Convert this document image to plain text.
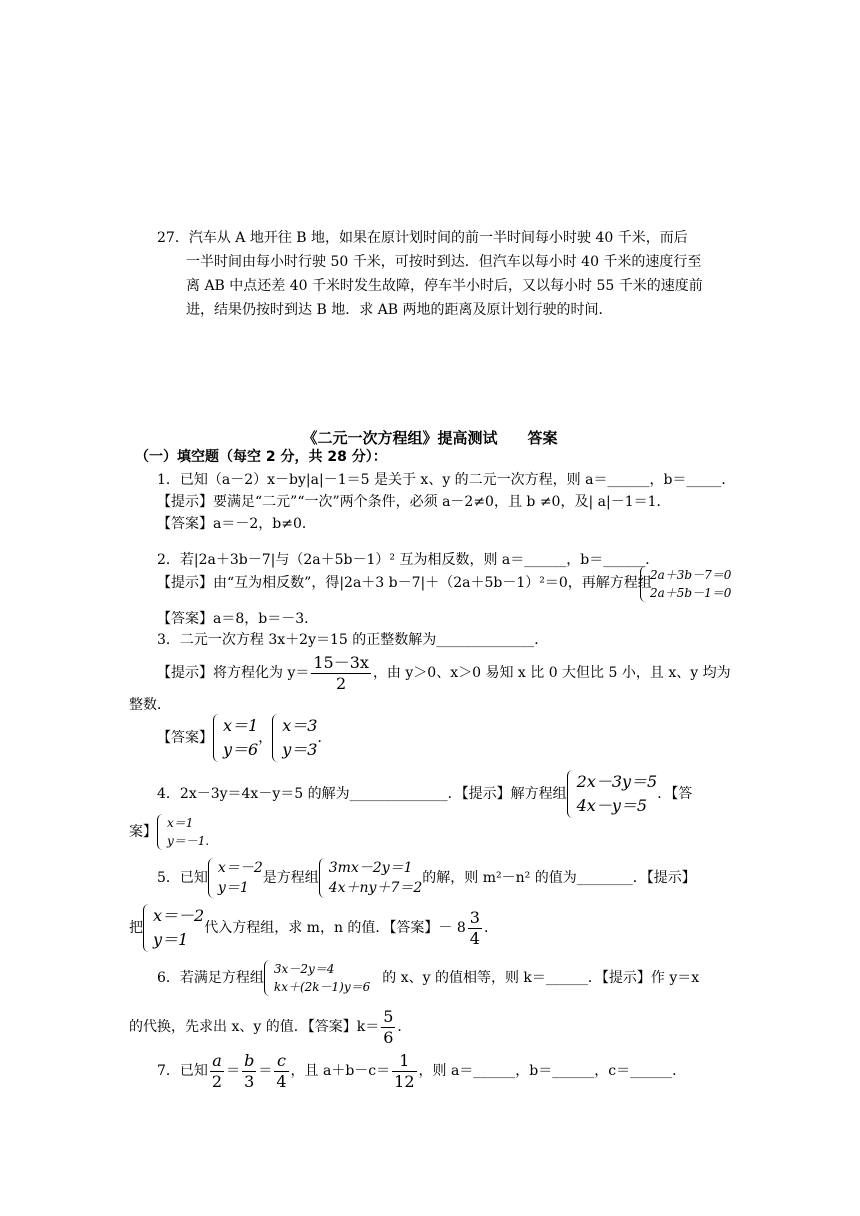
27．汽车从 A 地开往 B 地，如果在原计划时间的前一半时间每小时驶 40 千米，而后
一半时间由每小时行驶 50 千米，可按时到达．但汽车以每小时 40 千米的速度行至
离 AB 中点还差 40 千米时发生故障，停车半小时后，又以每小时 55 千米的速度前
进，结果仍按时到达 B 地．求 AB 两地的距离及原计划行驶的时间．
《二元一次方程组》提高测试　　答案
（一）填空题（每空 2 分，共 28 分）：
1．已知（a－2）x－by|a|－1＝5 是关于 x、y 的二元一次方程，则 a＝______，b＝_____．
【提示】要满足“二元”“一次”两个条件，必须 a－2≠0，且 b ≠0，及| a|－1＝1．
【答案】a＝－2，b≠0．
2．若|2a＋3b－7|与（2a＋5b－1）² 互为相反数，则 a＝______，b＝______．
【提示】由“互为相反数”，得|2a＋3 b－7|＋（2a＋5b－1）²＝0，再解方程组
2a＋3b－7＝0
2a＋5b－1＝0
【答案】a＝8，b＝－3．
3．二元一次方程 3x＋2y＝15 的正整数解为______________．
【提示】将方程化为 $y= \frac{15-3x}{2}$ ，由 y＞0、x＞0 易知 x 比 0 大但比 5 小，且 x、y 均为
整数．
【答案】
x＝1
y＝6
，
x＝3
y＝3
．
4．2x－3y＝4x－y＝5 的解为______________．【提示】解方程组
2x－3y＝5
4x－y＝5
．【答
案】
x＝1
y＝－1.
5．已知
x＝－2
y＝1
是方程组
3mx－2y＝1
4x＋ny＋7＝2
的解，则 m²－n² 的值为________．【提示】
把
x＝－2
y＝1
代入方程组，求 m，n 的值．【答案】－ $8 \frac{3}{4}$ ．
6．若满足方程组
3x－2y＝4
kx＋(2k－1)y＝6
的 x、y 的值相等，则 k＝______．【提示】作 y＝x
的代换，先求出 x、y 的值．【答案】$k= \frac{5}{6}$ ．
7．已知 $\frac{a}{2} = \frac{b}{3} = \frac{c}{4}$ ，且 $a+b-c= \frac{1}{12}$ ，则 a＝______，b＝______，c＝______．
